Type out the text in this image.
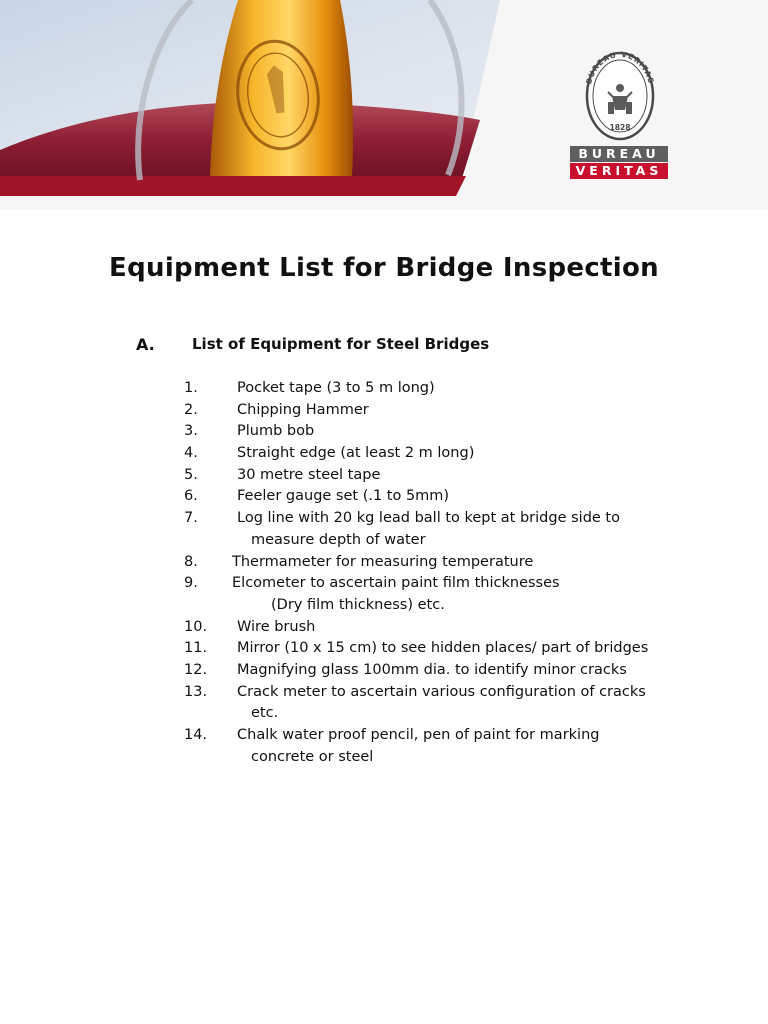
BUREAU VERITAS
1828
BUREAU
VERITAS
Equipment List for Bridge Inspection
A. List of Equipment for Steel Bridges
1.	Pocket tape (3 to 5 m long)
2.	Chipping Hammer
3.	Plumb bob
4.	Straight edge (at least 2 m long)
5.	30 metre steel tape
6.	Feeler gauge set (.1 to 5mm)
7.	Log line with 20 kg lead ball to kept at bridge side to
measure depth of water
8. Thermameter for measuring temperature
9. Elcometer to ascertain paint film thicknesses
(Dry film thickness) etc.
10. Wire brush
11. Mirror (10 x 15 cm) to see hidden places/ part of bridges
12. Magnifying glass 100mm dia. to identify minor cracks
13. Crack meter to ascertain various configuration of cracks
etc.
14. Chalk water proof pencil, pen of paint for marking
concrete or steel
